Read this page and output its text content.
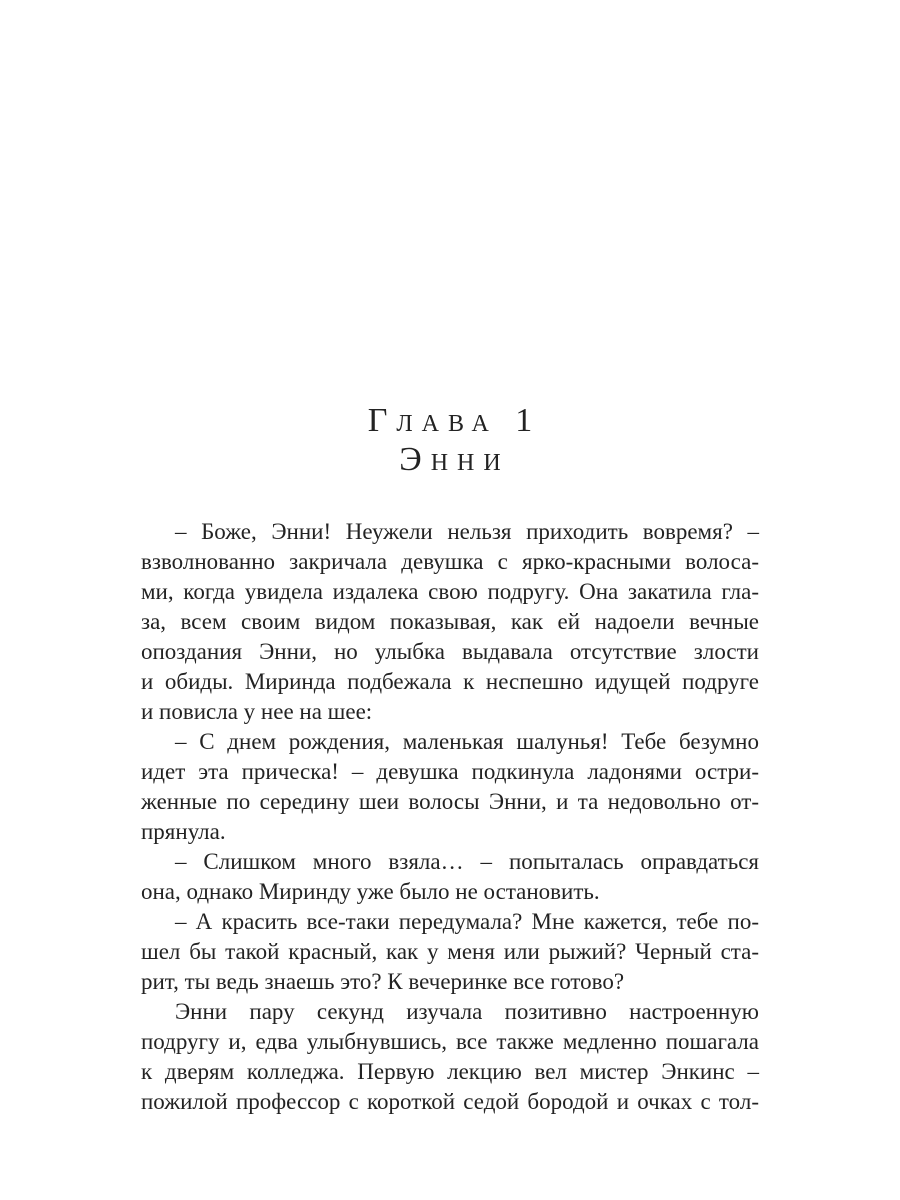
Глава 1
Энни
– Боже, Энни! Неужели нельзя приходить вовремя? –
взволнованно закричала девушка с ярко-красными волоса-
ми, когда увидела издалека свою подругу. Она закатила гла-
за, всем своим видом показывая, как ей надоели вечные
опоздания Энни, но улыбка выдавала отсутствие злости
и обиды. Миринда подбежала к неспешно идущей подруге
и повисла у нее на шее:
– С днем рождения, маленькая шалунья! Тебе безумно
идет эта прическа! – девушка подкинула ладонями остри-
женные по середину шеи волосы Энни, и та недовольно от-
прянула.
– Слишком много взяла… – попыталась оправдаться
она, однако Миринду уже было не остановить.
– А красить все-таки передумала? Мне кажется, тебе по-
шел бы такой красный, как у меня или рыжий? Черный ста-
рит, ты ведь знаешь это? К вечеринке все готово?
Энни пару секунд изучала позитивно настроенную
подругу и, едва улыбнувшись, все также медленно пошагала
к дверям колледжа. Первую лекцию вел мистер Энкинс –
пожилой профессор с короткой седой бородой и очках с тол-
